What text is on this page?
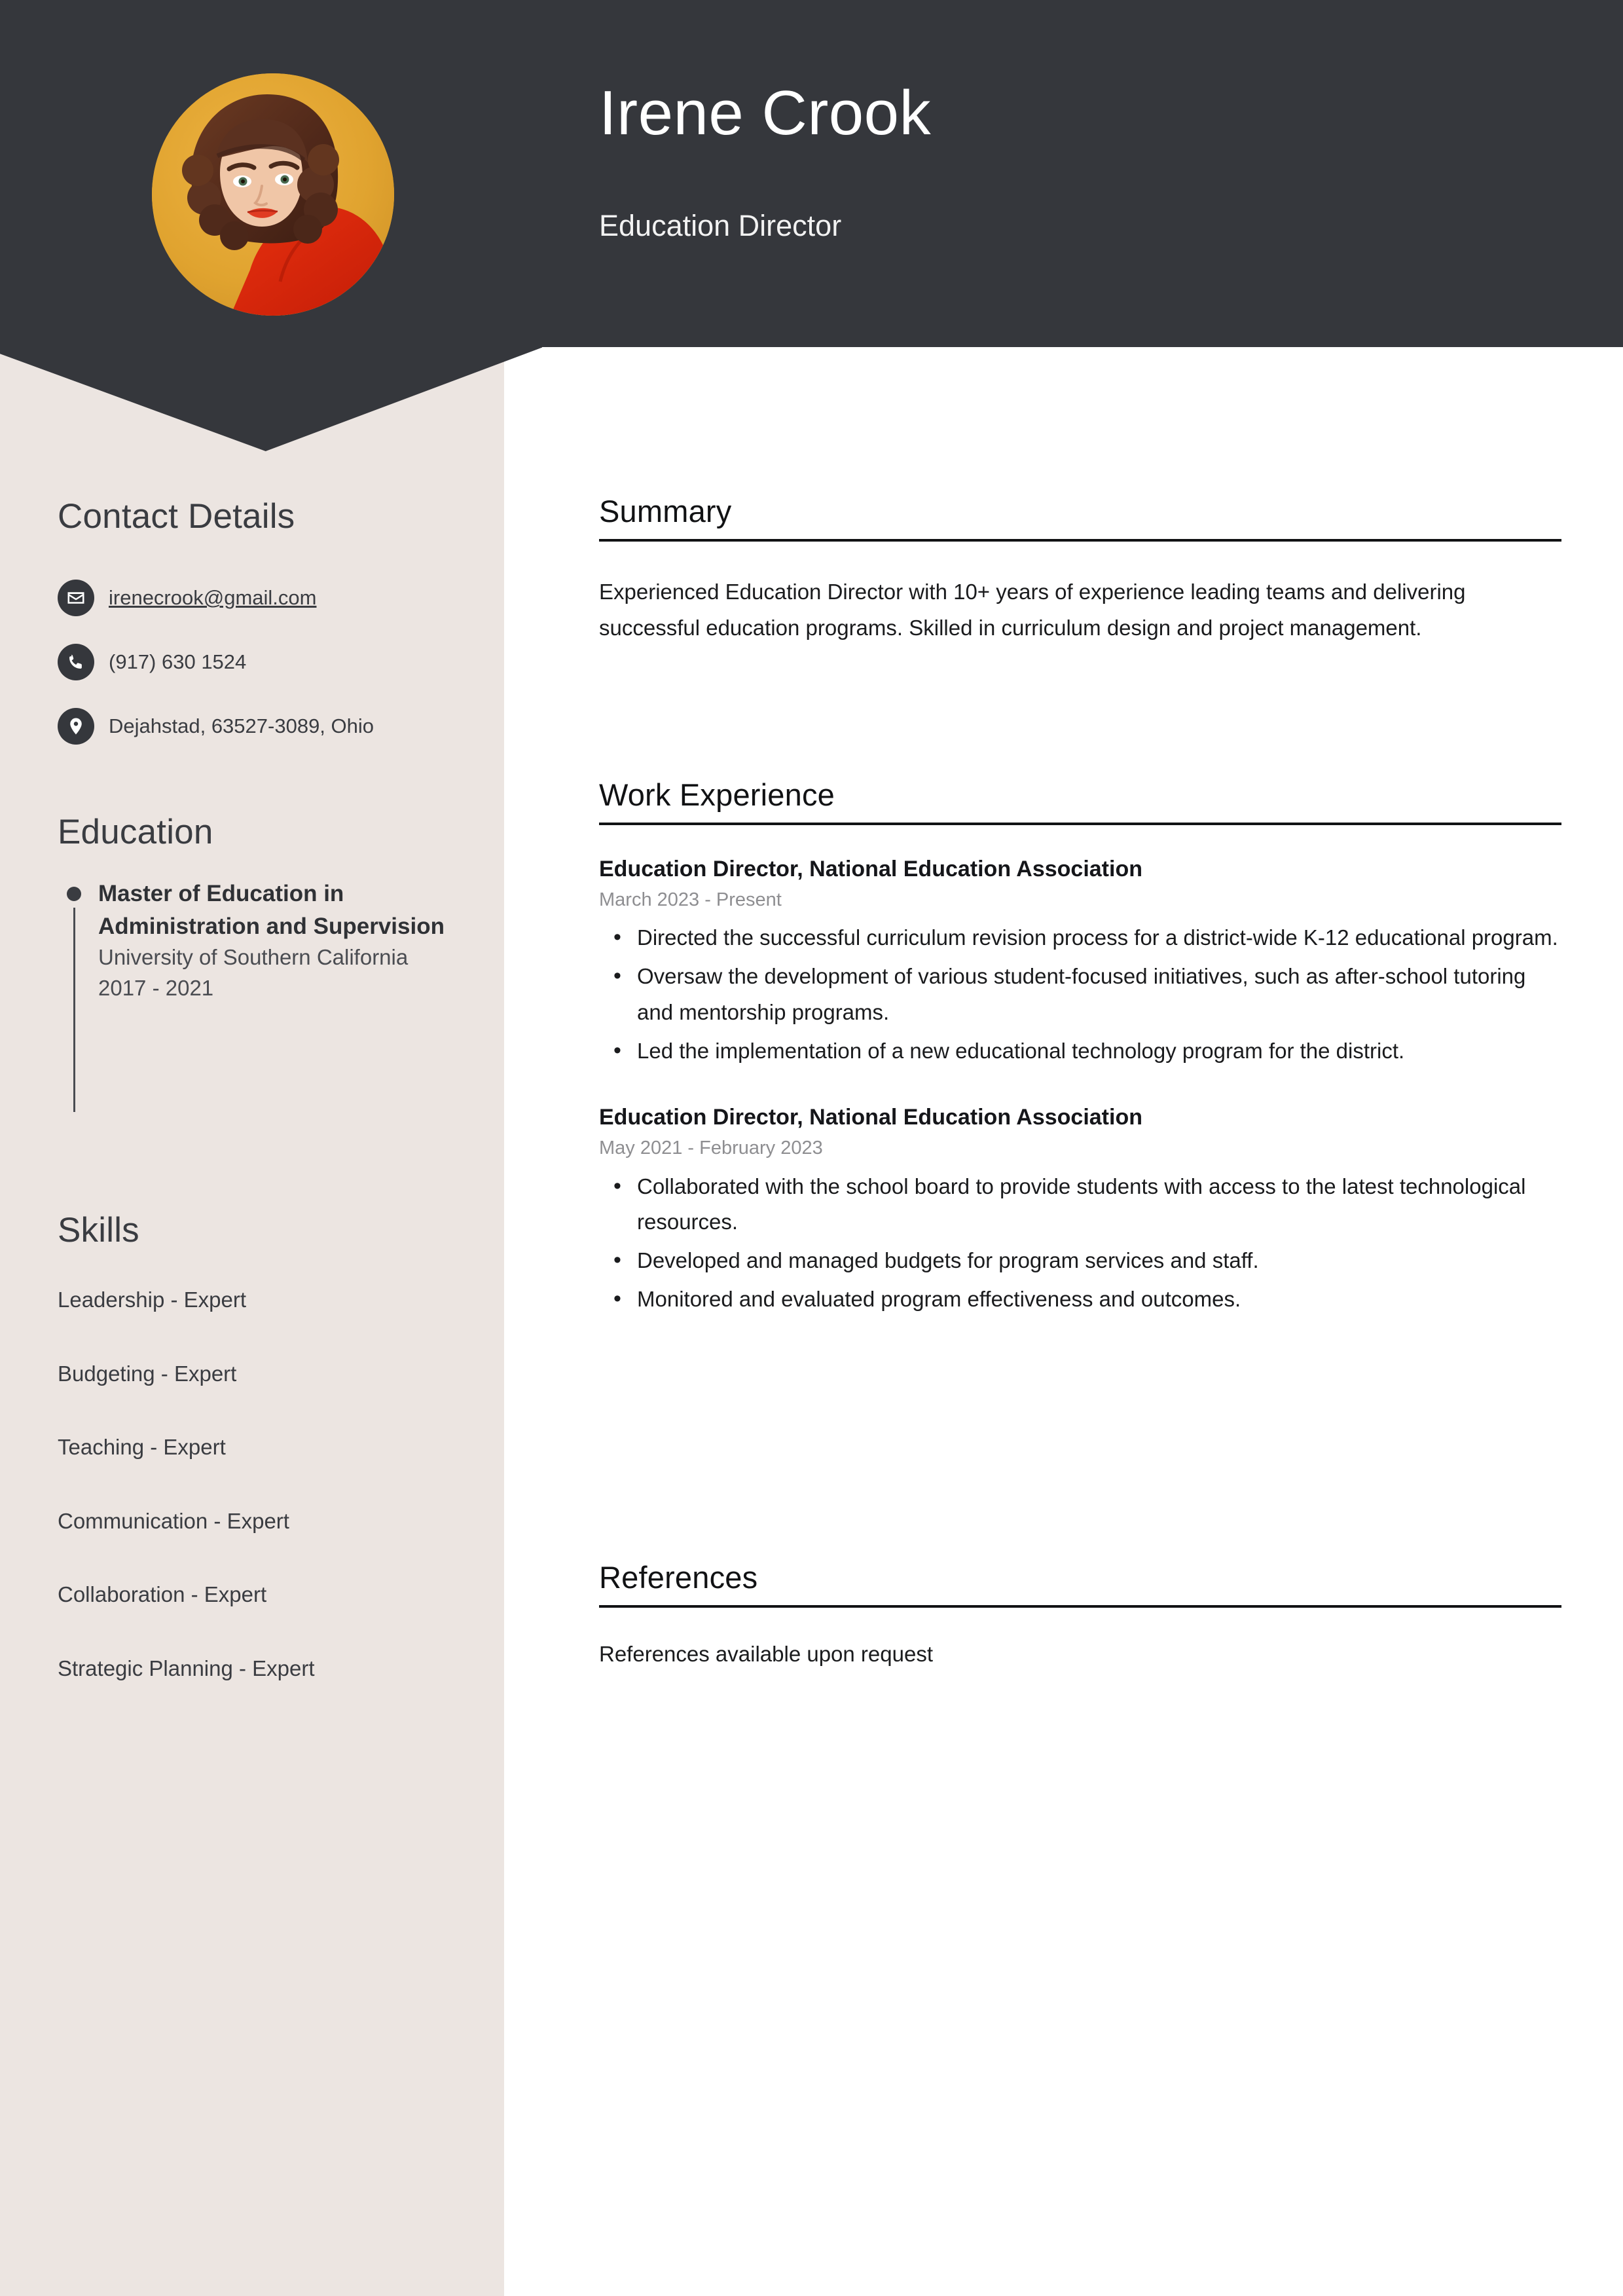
Irene Crook
Education Director
Contact Details
irenecrook@gmail.com
(917) 630 1524
Dejahstad, 63527-3089, Ohio
Education
Master of Education in Administration and Supervision
University of Southern California
2017 - 2021
Skills
Leadership - Expert
Budgeting - Expert
Teaching - Expert
Communication - Expert
Collaboration - Expert
Strategic Planning - Expert
Summary
Experienced Education Director with 10+ years of experience leading teams and delivering successful education programs. Skilled in curriculum design and project management.
Work Experience
Education Director, National Education Association
March 2023 - Present
• Directed the successful curriculum revision process for a district-wide K-12 educational program.
• Oversaw the development of various student-focused initiatives, such as after-school tutoring and mentorship programs.
• Led the implementation of a new educational technology program for the district.
Education Director, National Education Association
May 2021 - February 2023
• Collaborated with the school board to provide students with access to the latest technological resources.
• Developed and managed budgets for program services and staff.
• Monitored and evaluated program effectiveness and outcomes.
References
References available upon request
